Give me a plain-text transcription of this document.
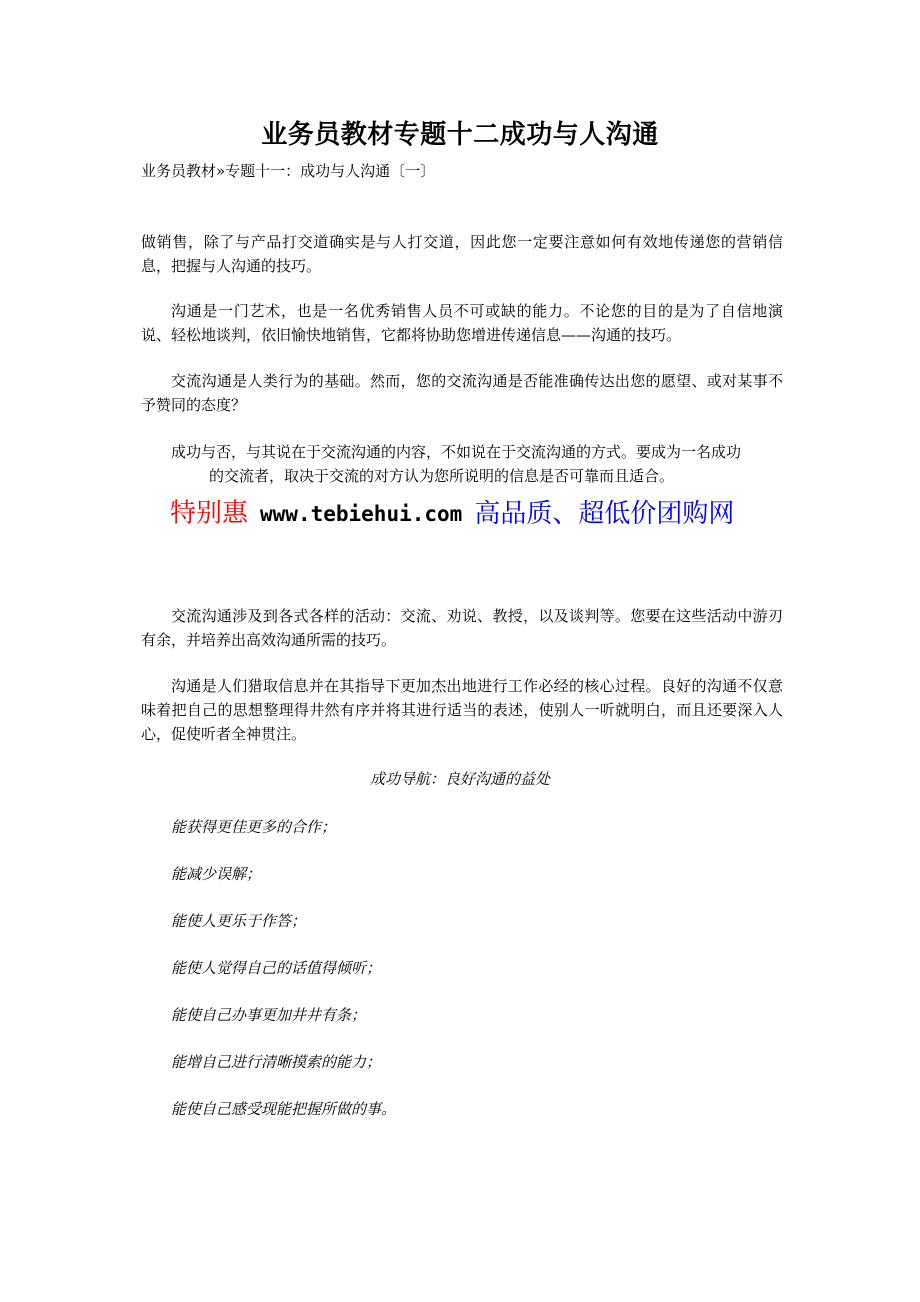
业务员教材专题十二成功与人沟通
业务员教材»专题十一：成功与人沟通〔一〕

做销售，除了与产品打交道确实是与人打交道，因此您一定要注意如何有效地传递您的营销信息，把握与人沟通的技巧。

沟通是一门艺术，也是一名优秀销售人员不可或缺的能力。不论您的目的是为了自信地演说、轻松地谈判，依旧愉快地销售，它都将协助您增进传递信息——沟通的技巧。

交流沟通是人类行为的基础。然而，您的交流沟通是否能准确传达出您的愿望、或对某事不予赞同的态度？

成功与否，与其说在于交流沟通的内容，不如说在于交流沟通的方式。要成为一名成功
的交流者，取决于交流的对方认为您所说明的信息是否可靠而且适合。
特别惠 www.tebiehui.com 高品质、超低价团购网

交流沟通涉及到各式各样的活动：交流、劝说、教授，以及谈判等。您要在这些活动中游刃有余，并培养出高效沟通所需的技巧。

沟通是人们猎取信息并在其指导下更加杰出地进行工作必经的核心过程。良好的沟通不仅意味着把自己的思想整理得井然有序并将其进行适当的表述，使别人一听就明白，而且还要深入人心，促使听者全神贯注。

成功导航：良好沟通的益处
能获得更佳更多的合作；
能减少误解；
能使人更乐于作答；
能使人觉得自己的话值得倾听；
能使自己办事更加井井有条；
能增自己进行清晰摸索的能力；
能使自己感受现能把握所做的事。
